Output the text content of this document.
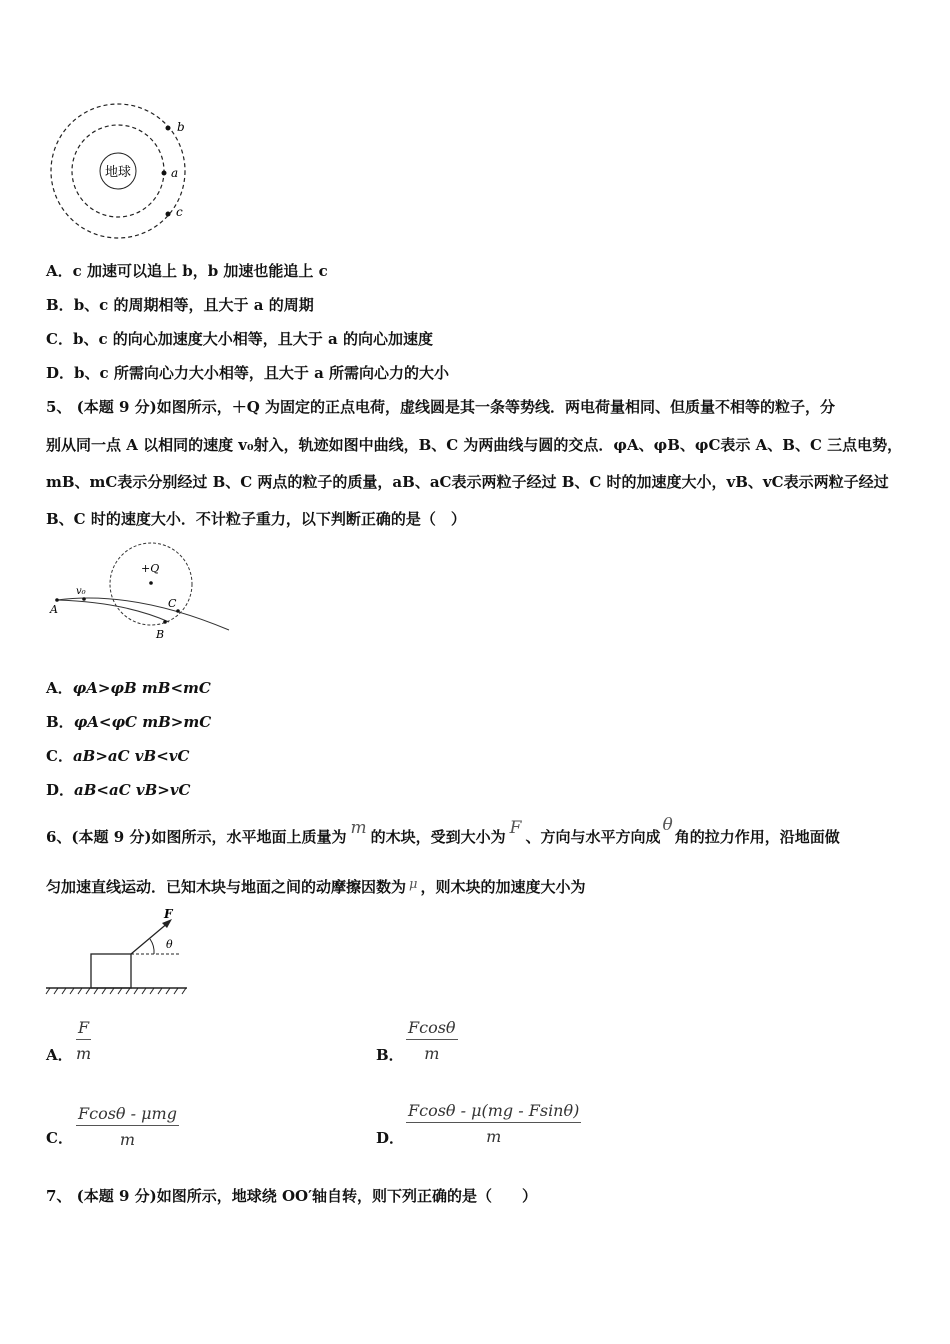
地球
b
a
c
A．c 加速可以追上 b，b 加速也能追上 c
B．b、c 的周期相等，且大于 a 的周期
C．b、c 的向心加速度大小相等，且大于 a 的向心加速度
D．b、c 所需向心力大小相等，且大于 a 所需向心力的大小
5、 (本题 9 分)如图所示，＋Q 为固定的正点电荷，虚线圆是其一条等势线．两电荷量相同、但质量不相等的粒子，分
别从同一点 A 以相同的速度 v₀射入，轨迹如图中曲线，B、C 为两曲线与圆的交点．φA、φB、φC表示 A、B、C 三点电势，
mB、mC表示分别经过 B、C 两点的粒子的质量，aB、aC表示两粒子经过 B、C 时的加速度大小，vB、vC表示两粒子经过
B、C 时的速度大小．不计粒子重力，以下判断正确的是（　）
+Q
A
v₀
C
B
A．φA>φB mB<mC
B．φA<φC mB>mC
C．aB>aC vB<vC
D．aB<aC vB>vC
6、(本题 9 分)如图所示，水平地面上质量为 m 的木块，受到大小为 F 、方向与水平方向成θ角的拉力作用，沿地面做
匀加速直线运动．已知木块与地面之间的动摩擦因数为 μ ，则木块的加速度大小为
F
θ
A． $\frac{F}{m}$	B． $\frac{Fcos\theta}{m}$
C．
Fcosθ - μmg
m	D． $\frac{Fcos\theta - \mu(mg - Fsin\theta)}{m}$
7、 (本题 9 分)如图所示，地球绕 OO′轴自转，则下列正确的是（　　）
